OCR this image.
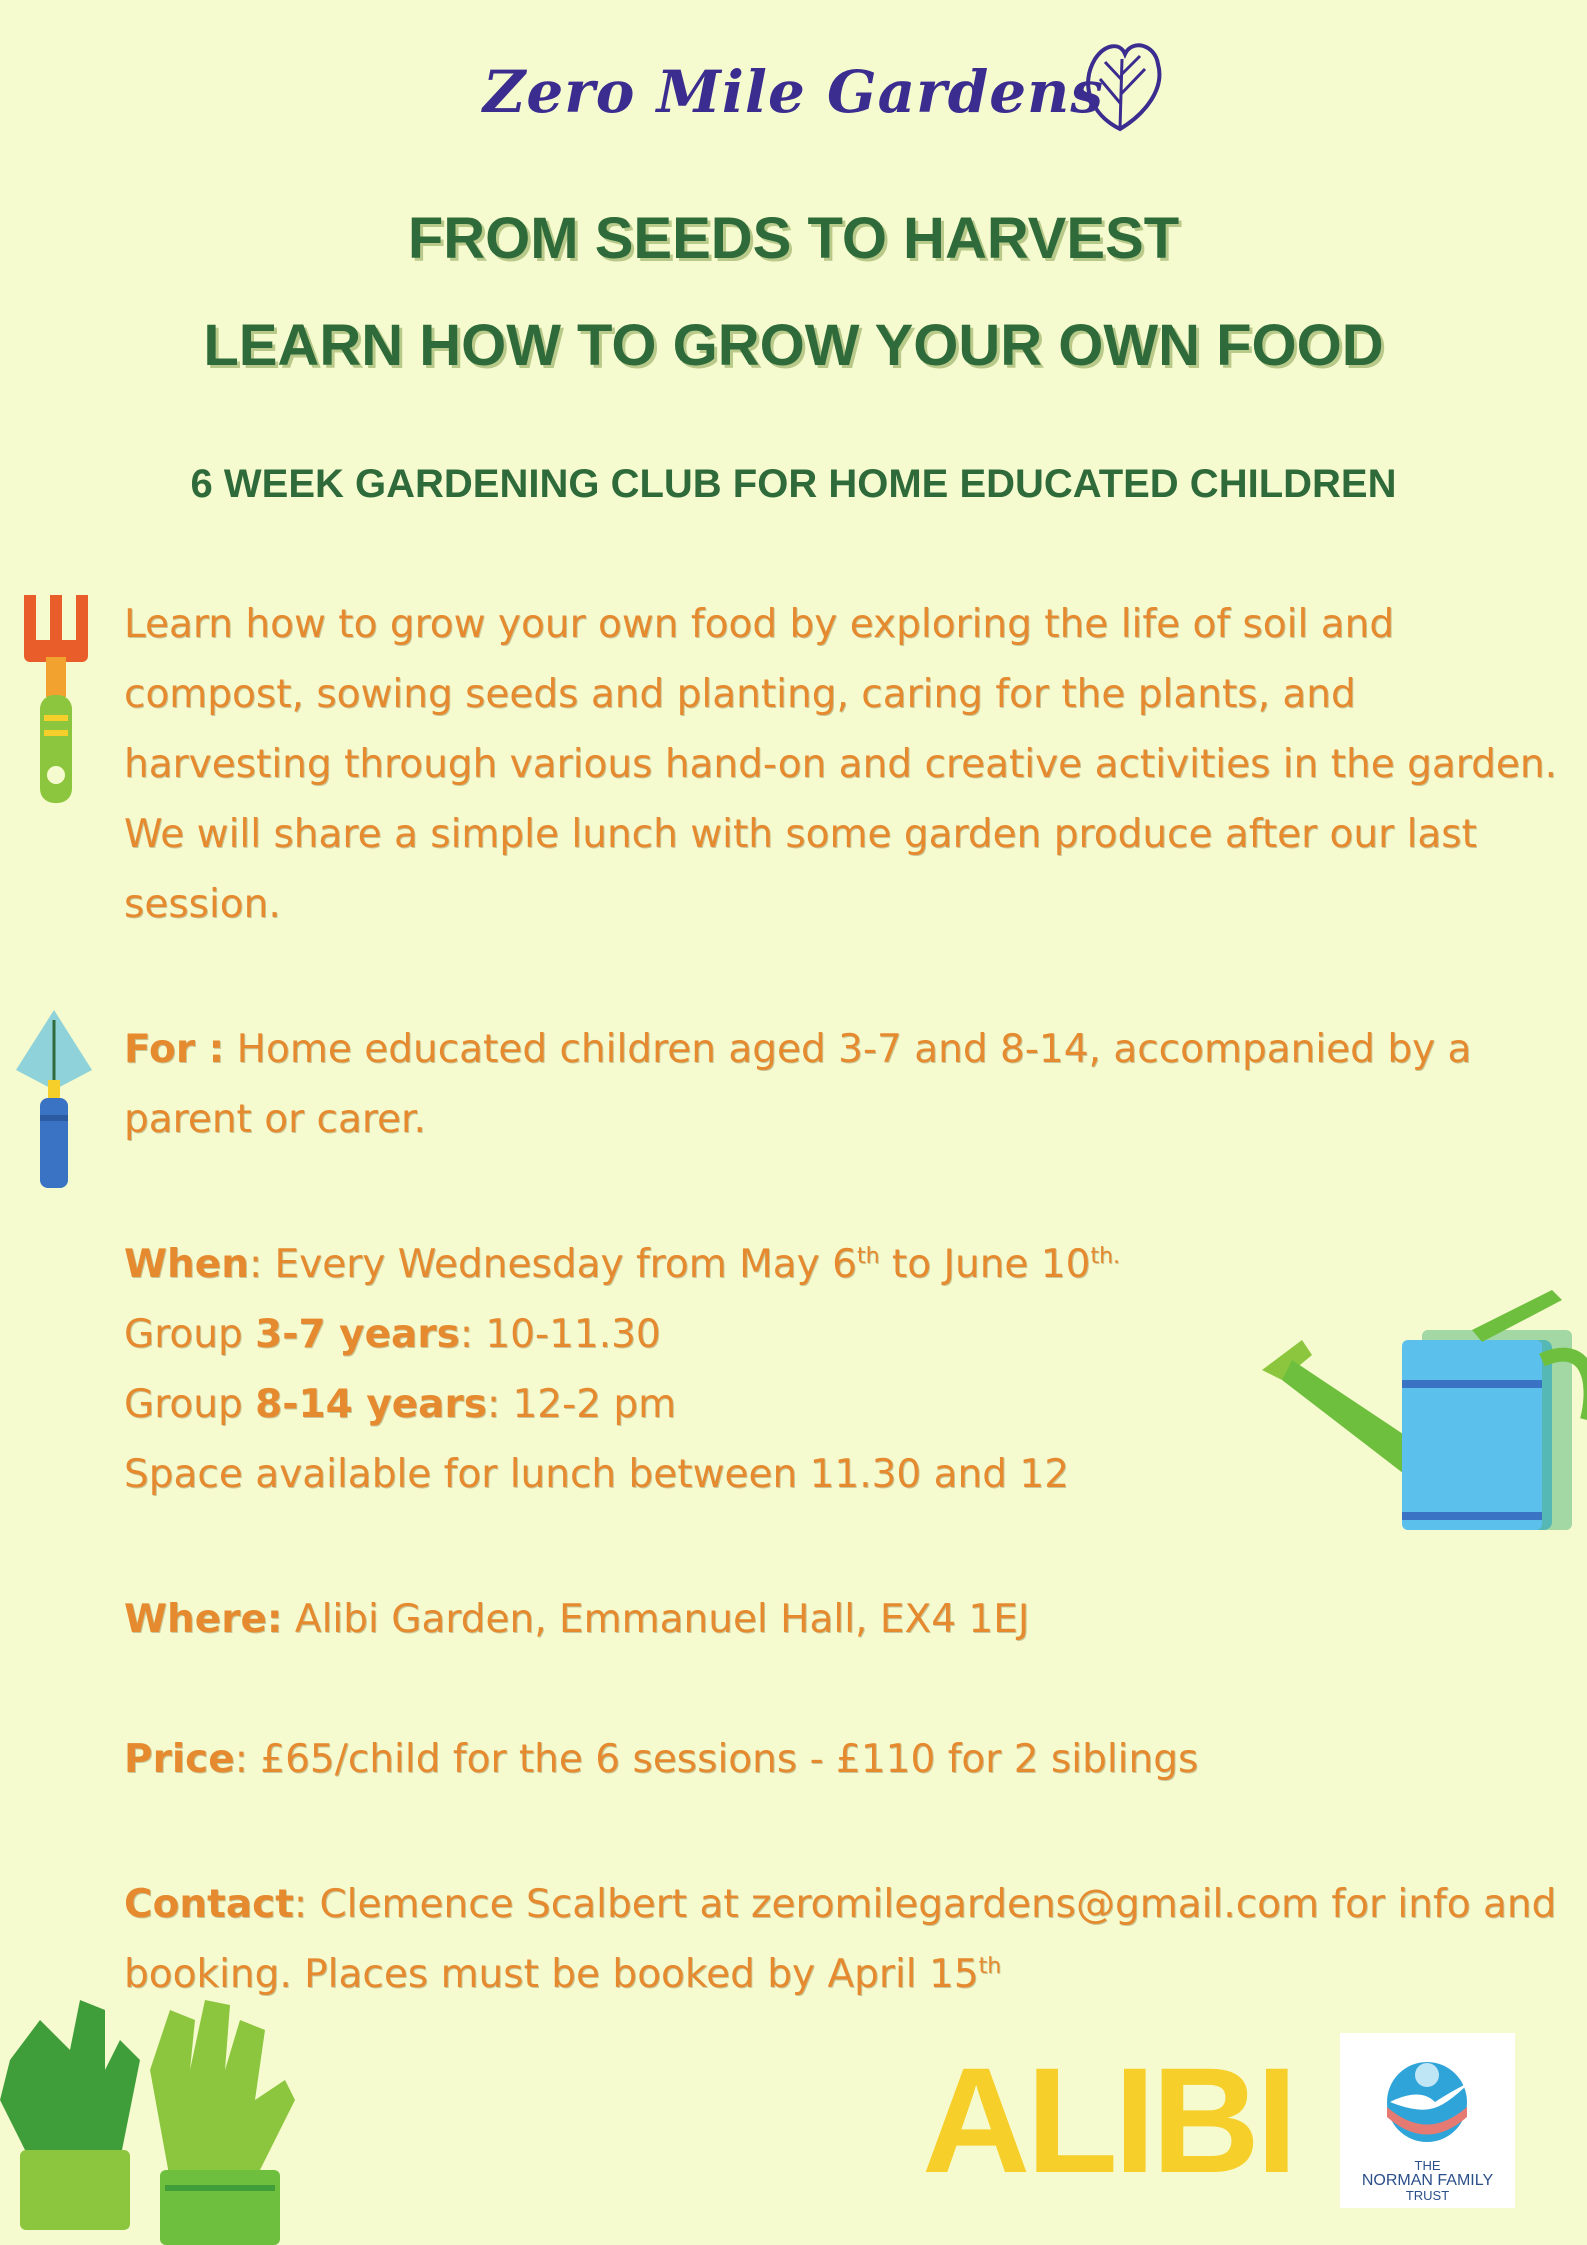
Zero Mile Gardens
FROM SEEDS TO HARVEST
LEARN HOW TO GROW YOUR OWN FOOD
6 WEEK GARDENING CLUB FOR HOME EDUCATED CHILDREN
Learn how to grow your own food by exploring the life of soil and compost, sowing seeds and planting, caring for the plants, and harvesting through various hand-on and creative activities in the garden. We will share a simple lunch with some garden produce after our last session.
For : Home educated children aged 3-7 and 8-14, accompanied by a parent or carer.
When: Every Wednesday from May 6th to June $10^{th.}$
Group 3-7 years: 10-11.30
Group 8-14 years: 12-2 pm
Space available for lunch between 11.30 and 12
Where: Alibi Garden, Emmanuel Hall, EX4 1EJ
Price: £65/child for the 6 sessions - £110 for 2 siblings
Contact: Clemence Scalbert at zeromilegardens@gmail.com for info and booking. Places must be booked by April 15th
ALIBI	THE
NORMAN FAMILY
TRUST
